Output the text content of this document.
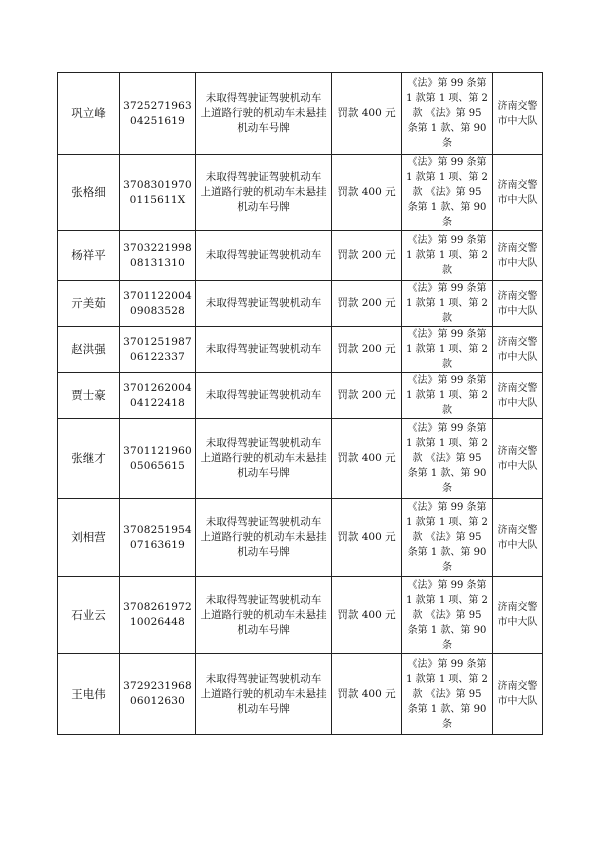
巩立峰	3725271963
04251619	未取得驾驶证驾驶机动车
上道路行驶的机动车未悬挂
机动车号牌	罚款 400 元	《法》第 99 条第
1 款第 1 项、第 2
款 《法》第 95
条第 1 款、第 90
条	济南交警
市中大队

张格细	3708301970
0115611X	未取得驾驶证驾驶机动车
上道路行驶的机动车未悬挂
机动车号牌	罚款 400 元	《法》第 99 条第
1 款第 1 项、第 2
款 《法》第 95
条第 1 款、第 90
条	济南交警
市中大队

杨祥平	3703221998
08131310	未取得驾驶证驾驶机动车	罚款 200 元	《法》第 99 条第
1 款第 1 项、第 2
款	济南交警
市中大队

亓美茹	3701122004
09083528	未取得驾驶证驾驶机动车	罚款 200 元	《法》第 99 条第
1 款第 1 项、第 2
款	济南交警
市中大队

赵洪强	3701251987
06122337	未取得驾驶证驾驶机动车	罚款 200 元	《法》第 99 条第
1 款第 1 项、第 2
款	济南交警
市中大队

贾士豪	3701262004
04122418	未取得驾驶证驾驶机动车	罚款 200 元	《法》第 99 条第
1 款第 1 项、第 2
款	济南交警
市中大队

张继才	3701121960
05065615	未取得驾驶证驾驶机动车
上道路行驶的机动车未悬挂
机动车号牌	罚款 400 元	《法》第 99 条第
1 款第 1 项、第 2
款 《法》第 95
条第 1 款、第 90
条	济南交警
市中大队

刘相营	3708251954
07163619	未取得驾驶证驾驶机动车
上道路行驶的机动车未悬挂
机动车号牌	罚款 400 元	《法》第 99 条第
1 款第 1 项、第 2
款 《法》第 95
条第 1 款、第 90
条	济南交警
市中大队

石业云	3708261972
10026448	未取得驾驶证驾驶机动车
上道路行驶的机动车未悬挂
机动车号牌	罚款 400 元	《法》第 99 条第
1 款第 1 项、第 2
款 《法》第 95
条第 1 款、第 90
条	济南交警
市中大队

王电伟	3729231968
06012630	未取得驾驶证驾驶机动车
上道路行驶的机动车未悬挂
机动车号牌	罚款 400 元	《法》第 99 条第
1 款第 1 项、第 2
款 《法》第 95
条第 1 款、第 90
条	济南交警
市中大队
